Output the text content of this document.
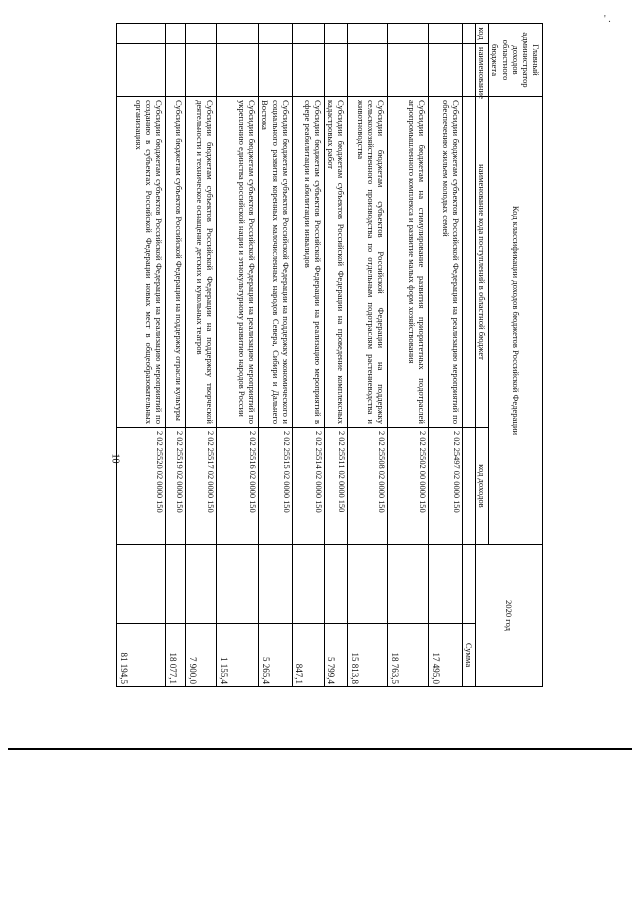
10
' .
Главный администратор доходов областного бюджета		Код классификации доходов бюджетов Российской Федерации		2020 год	
код	наименование	наименование кода поступлений в областной бюджет	код доходов		
					Сумма
		Субсидии бюджетам субъектов Российской Федерации на реализацию мероприятий по обеспечению жильем молодых семей	2 02 25497 02 0000 150		17 495,0
		Субсидии бюджетам на стимулирование развития приоритетных подотраслей агропромышленного комплекса и развитие малых форм хозяйствования	2 02 25502 00 0000 150		18 763,5
		Субсидии бюджетам субъектов Российской Федерации на поддержку сельскохозяйственного производства по отдельным подотраслям растениеводства и животноводства	2 02 25508 02 0000 150		15 813,8
		Субсидии бюджетам субъектов Российской Федерации на проведение комплексных кадастровых работ	2 02 25511 02 0000 150		5 799,4
		Субсидии бюджетам субъектов Российской Федерации на реализацию мероприятий в сфере реабилитации и абилитации инвалидов	2 02 25514 02 0000 150		847,1
		Субсидии бюджетам субъектов Российской Федерации на поддержку экономического и социального развития коренных малочисленных народов Севера, Сибири и Дальнего Востока	2 02 25515 02 0000 150		5 265,4
		Субсидии бюджетам субъектов Российской Федерации на реализацию мероприятий по укреплению единства российской нации и этнокультурному развитию народов России	2 02 25516 02 0000 150		1 155,4
		Субсидии бюджетам субъектов Российской Федерации на поддержку творческой деятельности и техническое оснащение детских и кукольных театров	2 02 25517 02 0000 150		7 900,0
		Субсидии бюджетам субъектов Российской Федерации на поддержку отрасли культуры	2 02 25519 02 0000 150		18 077,1
		Субсидии бюджетам субъектов Российской Федерации на реализацию мероприятий по созданию в субъектах Российской Федерации новых мест в общеобразовательных организациях	2 02 25520 02 0000 150		81 194,5
